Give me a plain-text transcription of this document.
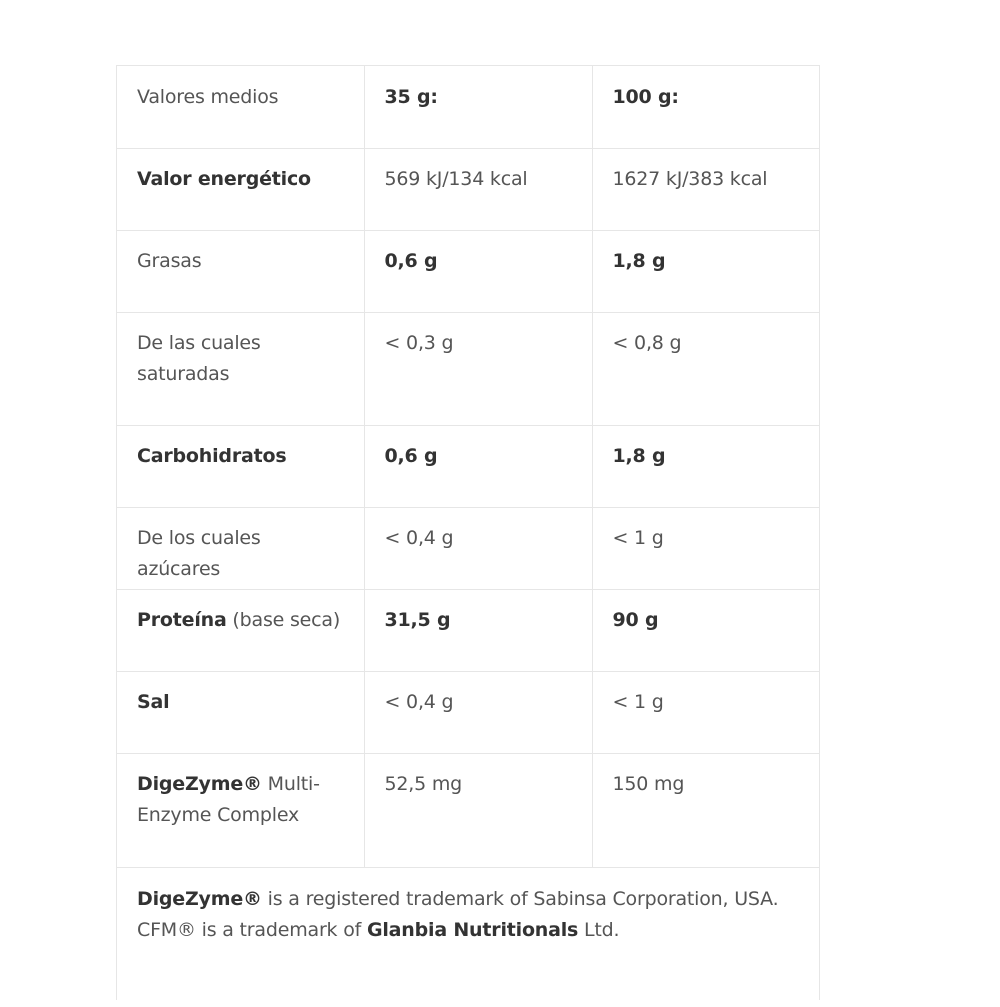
Valores medios	35 g:	100 g:
Valor energético	569 kJ/134 kcal	1627 kJ/383 kcal
Grasas	0,6 g	1,8 g
De las cuales
saturadas	< 0,3 g	< 0,8 g
Carbohidratos	0,6 g	1,8 g
De los cuales azúcares	< 0,4 g	< 1 g
Proteína (base seca)	31,5 g	90 g
Sal	< 0,4 g	< 1 g
DigeZyme® Multi-
Enzyme Complex	52,5 mg	150 mg

DigeZyme® is a registered trademark of Sabinsa Corporation, USA.
CFM® is a trademark of Glanbia Nutritionals Ltd.		
